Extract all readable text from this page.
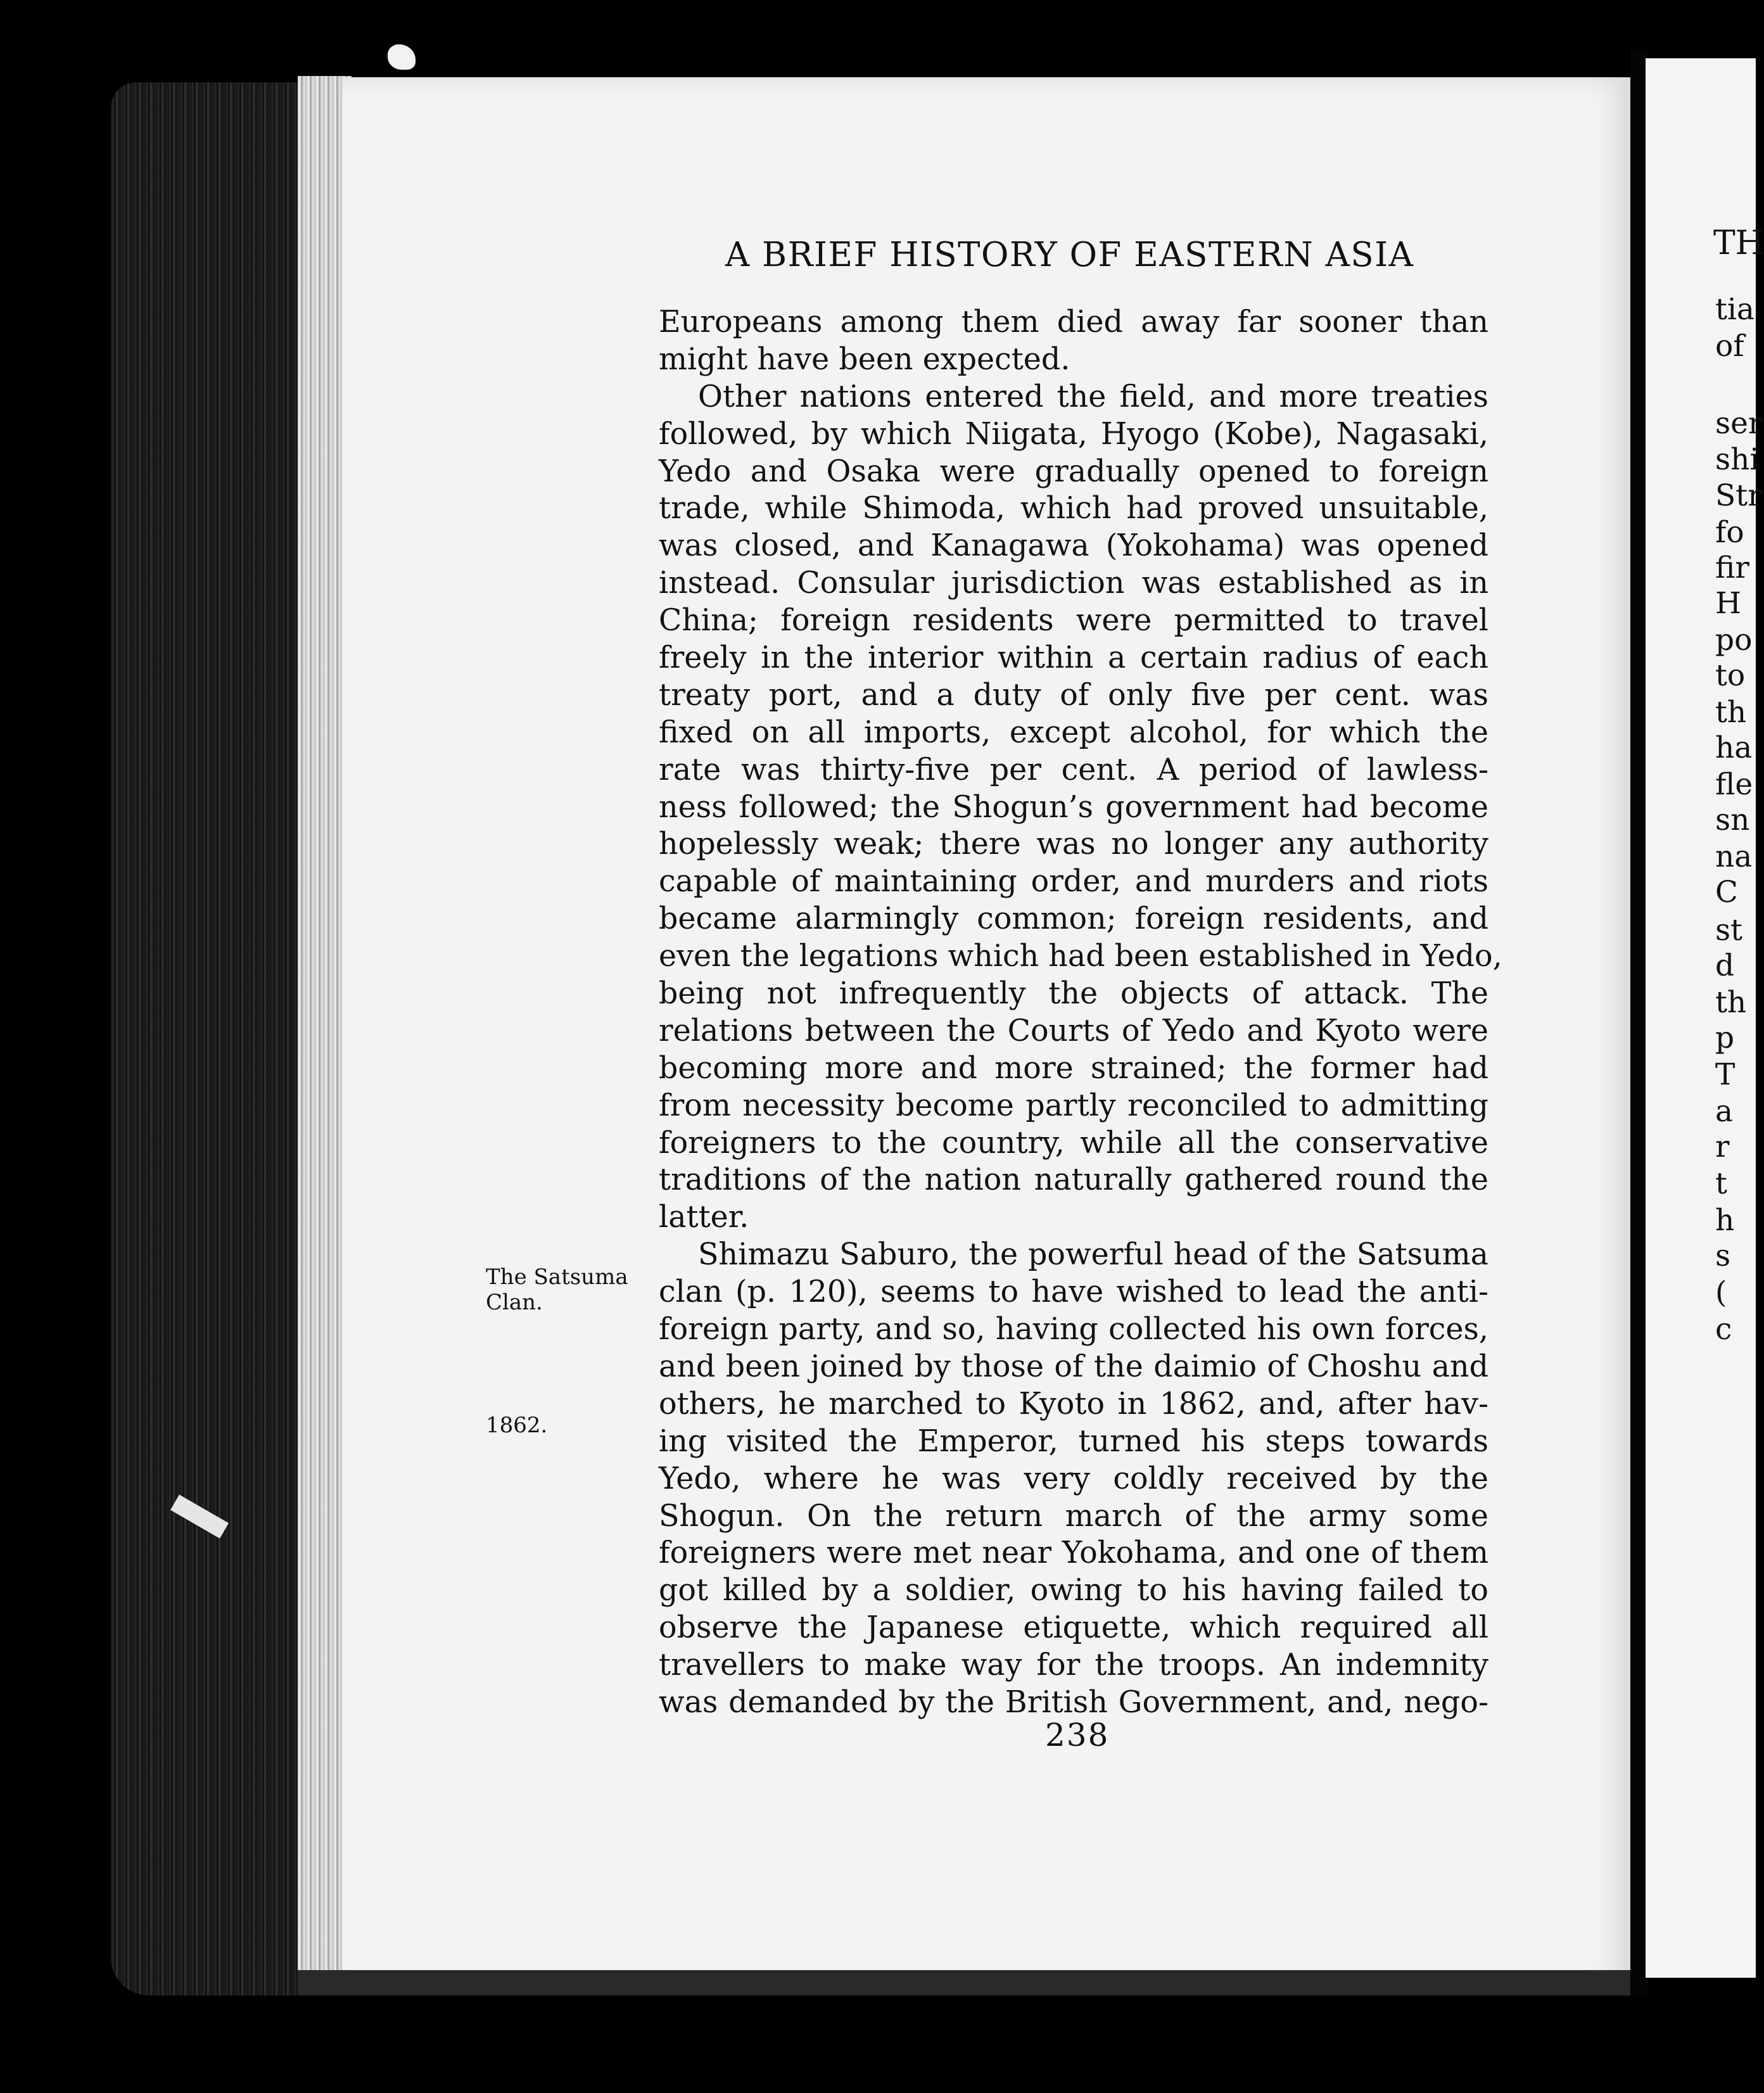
A BRIEF HISTORY OF EASTERN ASIA
The Satsuma
Clan.
1862.
Europeans among them died away far sooner than
might have been expected.
Other nations entered the field, and more treaties
followed, by which Niigata, Hyogo (Kobe), Nagasaki,
Yedo and Osaka were gradually opened to foreign
trade, while Shimoda, which had proved unsuitable,
was closed, and Kanagawa (Yokohama) was opened
instead. Consular jurisdiction was established as in
China; foreign residents were permitted to travel
freely in the interior within a certain radius of each
treaty port, and a duty of only five per cent. was
fixed on all imports, except alcohol, for which the
rate was thirty-five per cent. A period of lawless-
ness followed; the Shogun’s government had become
hopelessly weak; there was no longer any authority
capable of maintaining order, and murders and riots
became alarmingly common; foreign residents, and
even the legations which had been established in Yedo,
being not infrequently the objects of attack. The
relations between the Courts of Yedo and Kyoto were
becoming more and more strained; the former had
from necessity become partly reconciled to admitting
foreigners to the country, while all the conservative
traditions of the nation naturally gathered round the
latter.
Shimazu Saburo, the powerful head of the Satsuma
clan (p. 120), seems to have wished to lead the anti-
foreign party, and so, having collected his own forces,
and been joined by those of the daimio of Choshu and
others, he marched to Kyoto in 1862, and, after hav-
ing visited the Emperor, turned his steps towards
Yedo, where he was very coldly received by the
Shogun. On the return march of the army some
foreigners were met near Yokohama, and one of them
got killed by a soldier, owing to his having failed to
observe the Japanese etiquette, which required all
travellers to make way for the troops. An indemnity
was demanded by the British Government, and, nego-
238
TH
tia
of
ser
shi
Str
fo
fir
H
po
to
th
ha
fle
sn
na
C
st
d
th
p
T
a
r
t
h
s
(
c
